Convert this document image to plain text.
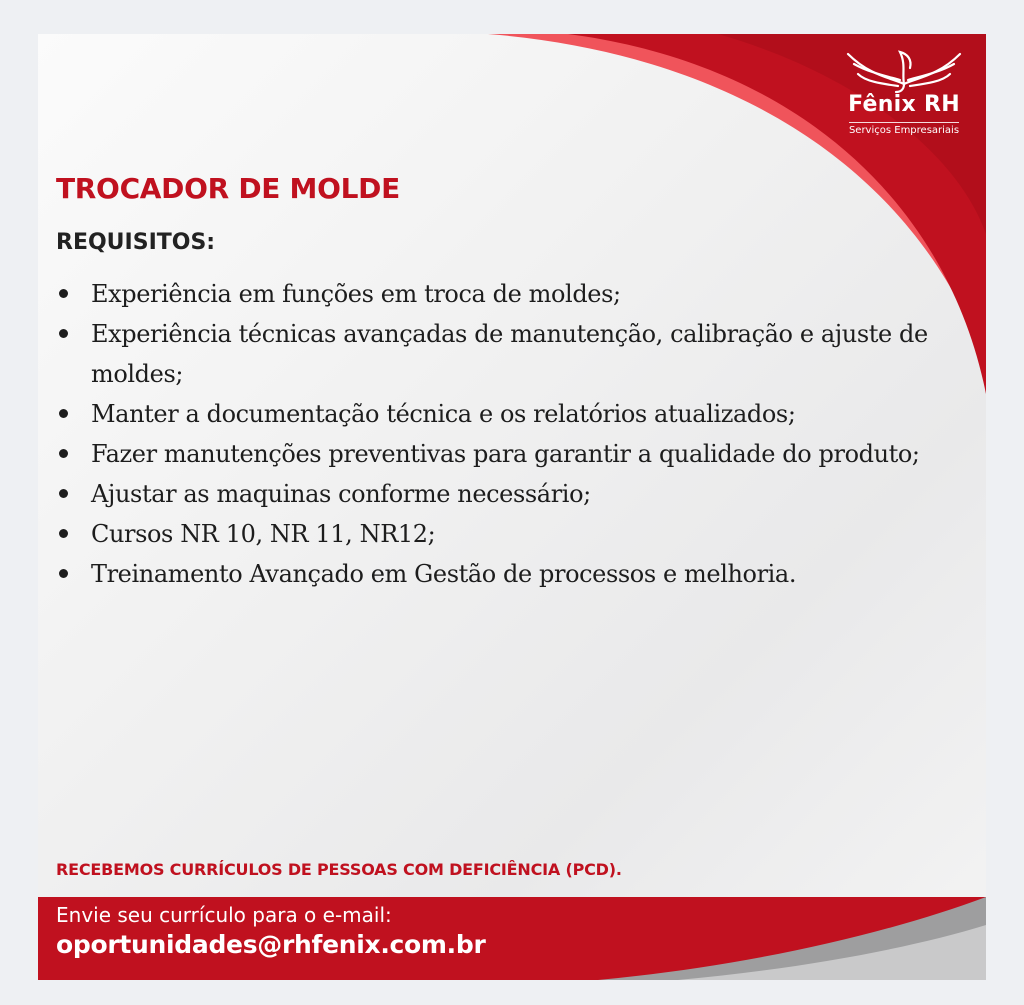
Fênix RH
Serviços Empresariais
TROCADOR DE MOLDE
REQUISITOS:
Experiência em funções em troca de moldes;
Experiência técnicas avançadas de manutenção, calibração e ajuste de moldes;
Manter a documentação técnica e os relatórios atualizados;
Fazer manutenções preventivas para garantir a qualidade do produto;
Ajustar as maquinas conforme necessário;
Cursos NR 10, NR 11, NR12;
Treinamento Avançado em Gestão de processos e melhoria.
RECEBEMOS CURRÍCULOS DE PESSOAS COM DEFICIÊNCIA (PCD).
Envie seu currículo para o e-mail:
oportunidades@rhfenix.com.br
